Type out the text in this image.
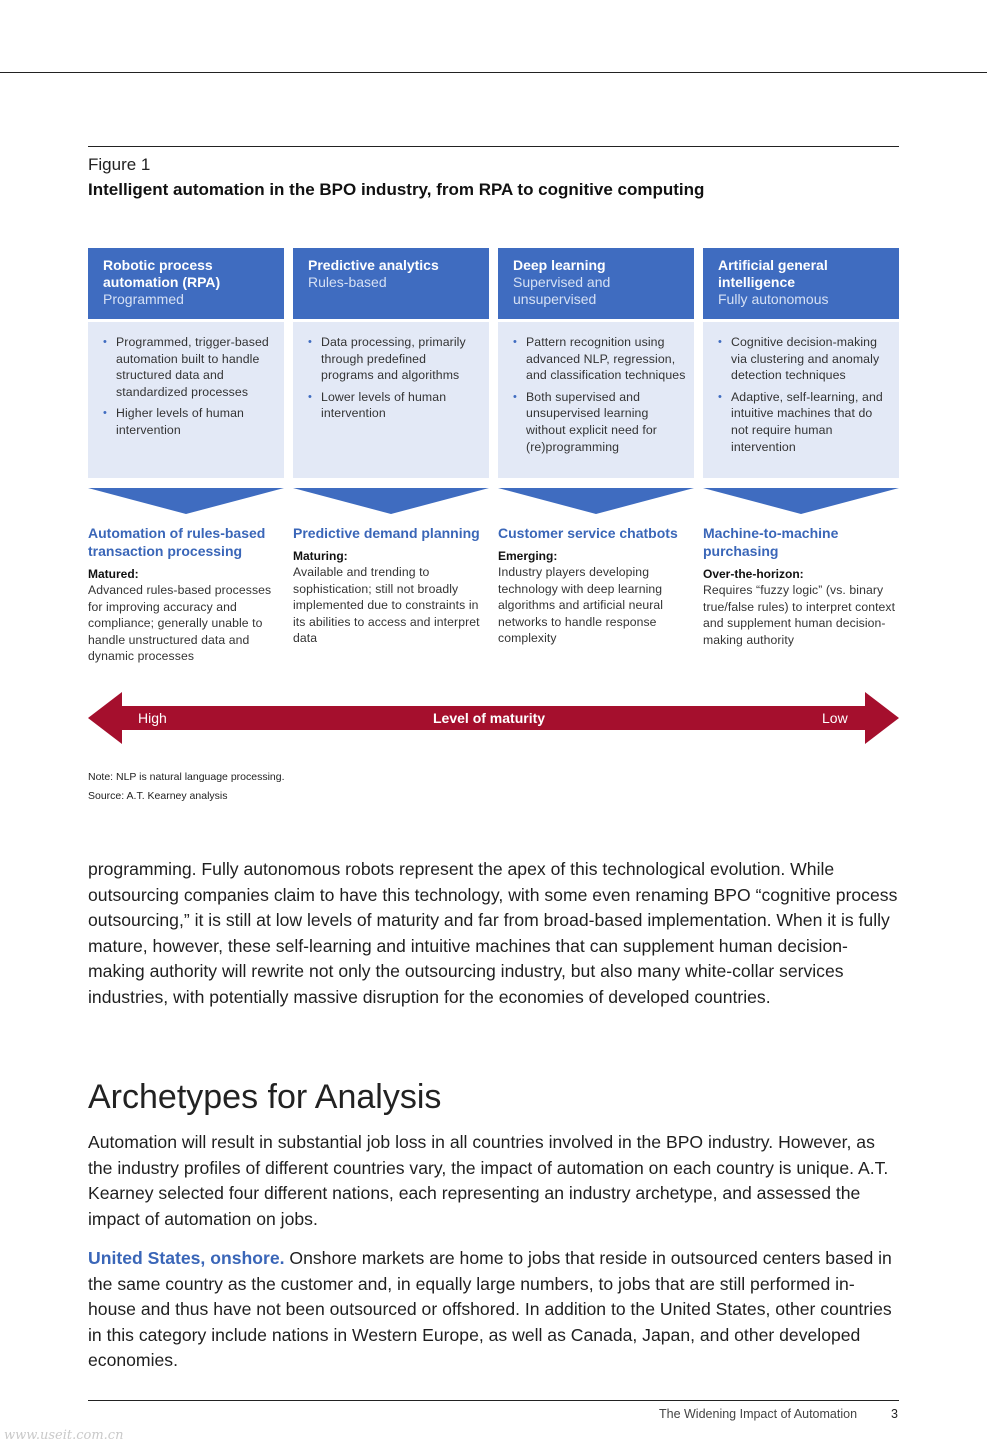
Figure 1
Intelligent automation in the BPO industry, from RPA to cognitive computing
Robotic process automation (RPA)
Programmed
• Programmed, trigger-based automation built to handle structured data and standardized processes
• Higher levels of human intervention
Predictive analytics
Rules-based
• Data processing, primarily through predefined programs and algorithms
• Lower levels of human intervention
Deep learning
Supervised and unsupervised
• Pattern recognition using advanced NLP, regression, and classification techniques
• Both supervised and unsupervised learning without explicit need for (re)programming
Artificial general intelligence
Fully autonomous
• Cognitive decision-making via clustering and anomaly detection techniques
• Adaptive, self-learning, and intuitive machines that do not require human intervention
Automation of rules-based transaction processing
Matured:
Advanced rules-based processes for improving accuracy and compliance; generally unable to handle unstructured data and dynamic processes
Predictive demand planning
Maturing:
Available and trending to sophistication; still not broadly implemented due to constraints in its abilities to access and interpret data
Customer service chatbots
Emerging:
Industry players developing technology with deep learning algorithms and artificial neural networks to handle response complexity
Machine-to-machine purchasing
Over-the-horizon:
Requires “fuzzy logic” (vs. binary true/false rules) to interpret context and supplement human decision-making authority
High	Level of maturity	Low
Note: NLP is natural language processing.
Source: A.T. Kearney analysis

programming. Fully autonomous robots represent the apex of this technological evolution. While outsourcing companies claim to have this technology, with some even renaming BPO “cognitive process outsourcing,” it is still at low levels of maturity and far from broad-based implementation. When it is fully mature, however, these self-learning and intuitive machines that can supplement human decision-making authority will rewrite not only the outsourcing industry, but also many white-collar services industries, with potentially massive disruption for the economies of developed countries.

Archetypes for Analysis

Automation will result in substantial job loss in all countries involved in the BPO industry. However, as the industry profiles of different countries vary, the impact of automation on each country is unique. A.T. Kearney selected four different nations, each representing an industry archetype, and assessed the impact of automation on jobs.

United States, onshore. Onshore markets are home to jobs that reside in outsourced centers based in the same country as the customer and, in equally large numbers, to jobs that are still performed in-house and thus have not been outsourced or offshored. In addition to the United States, other countries in this category include nations in Western Europe, as well as Canada, Japan, and other developed economies.

The Widening Impact of Automation	3
www.useit.com.cn
